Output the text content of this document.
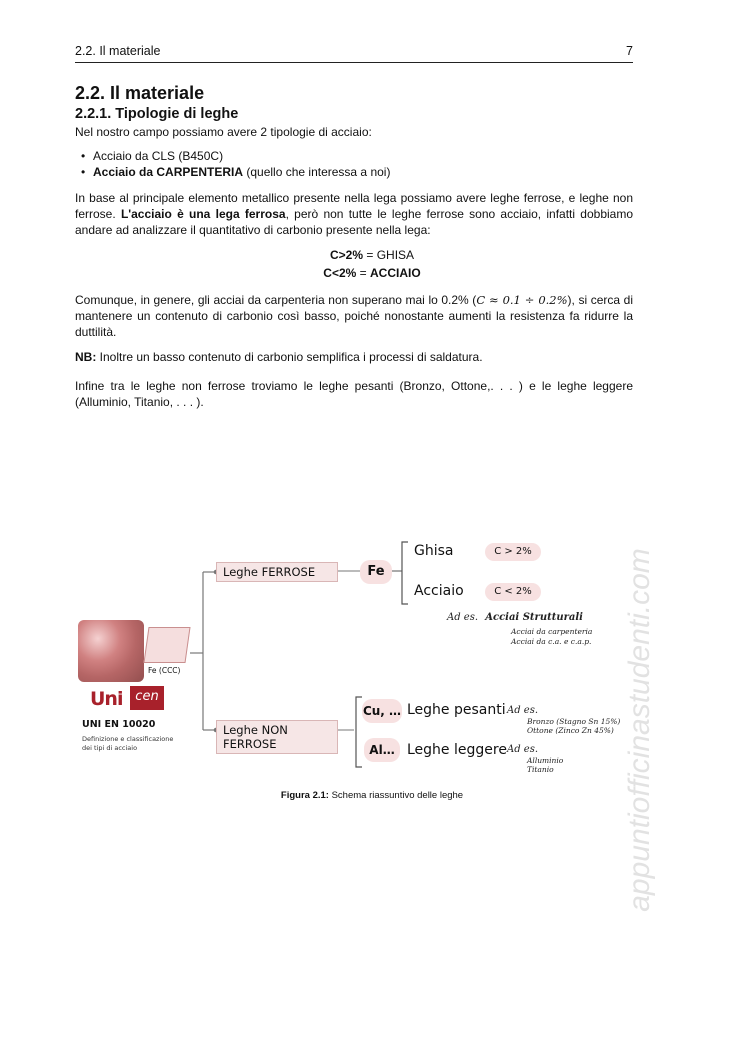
2.2. Il materiale	7
2.2. Il materiale
2.2.1. Tipologie di leghe
Nel nostro campo possiamo avere 2 tipologie di acciaio:
• Acciaio da CLS (B450C)
• Acciaio da CARPENTERIA (quello che interessa a noi)
In base al principale elemento metallico presente nella lega possiamo avere leghe ferrose, e leghe non ferrose. L'acciaio è una lega ferrosa, però non tutte le leghe ferrose sono acciaio, infatti dobbiamo andare ad analizzare il quantitativo di carbonio presente nella lega:
C>2% = GHISA
C<2% = ACCIAIO
Comunque, in genere, gli acciai da carpenteria non superano mai lo 0.2% (C ≈ 0.1 ÷ 0.2%), si cerca di mantenere un contenuto di carbonio così basso, poiché nonostante aumenti la resistenza fa ridurre la duttilità.
NB: Inoltre un basso contenuto di carbonio semplifica i processi di saldatura.
Infine tra le leghe non ferrose troviamo le leghe pesanti (Bronzo, Ottone,. . . ) e le leghe leggere (Alluminio, Titanio, . . . ).
appuntiofficinastudenti.com
Fe (CCC)
Uni cen
UNI EN 10020
Definizione e classificazione
dei tipi di acciaio
Leghe FERROSE
Leghe NON FERROSE
Fe
Ghisa	C > 2%
Acciaio	C < 2%
Ad es. Acciai Strutturali
Acciai da carpenteria
Acciai da c.a. e c.a.p.
Cu, … Leghe pesanti Ad es.
Bronzo (Stagno Sn 15%)
Ottone (Zinco Zn 45%)
Al… Leghe leggere Ad es.
Alluminio
Titanio
Figura 2.1: Schema riassuntivo delle leghe
